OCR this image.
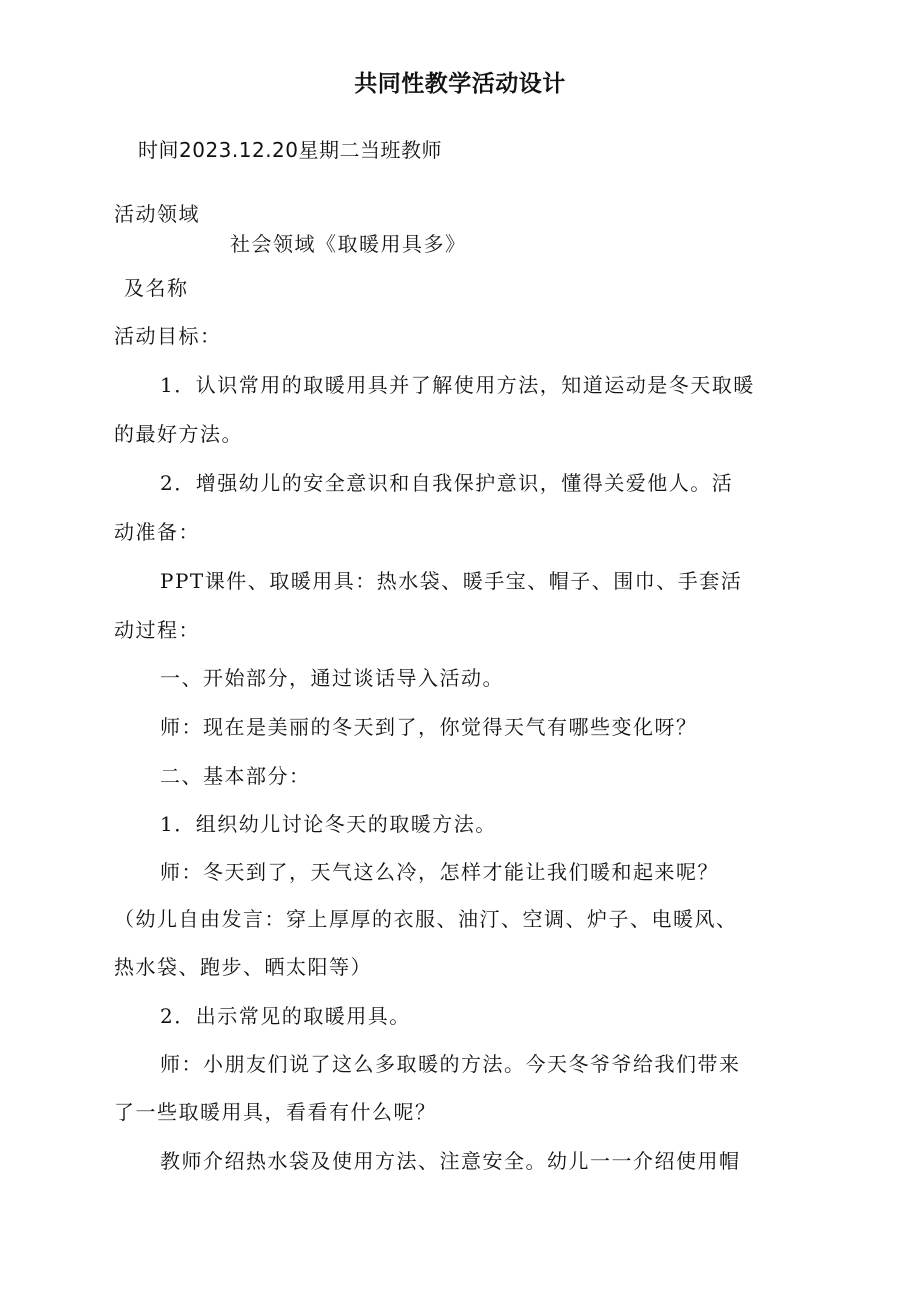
共同性教学活动设计
时间2023.12.20星期二当班教师
活动领域
社会领域《取暖用具多》
及名称
活动目标：
1．认识常用的取暖用具并了解使用方法，知道运动是冬天取暖
的最好方法。
2．增强幼儿的安全意识和自我保护意识，懂得关爱他人。活
动准备：
PPT课件、取暖用具：热水袋、暖手宝、帽子、围巾、手套活
动过程：
一、开始部分，通过谈话导入活动。
师：现在是美丽的冬天到了，你觉得天气有哪些变化呀？
二、基本部分：
1．组织幼儿讨论冬天的取暖方法。
师：冬天到了，天气这么冷，怎样才能让我们暖和起来呢？
（幼儿自由发言：穿上厚厚的衣服、油汀、空调、炉子、电暖风、
热水袋、跑步、晒太阳等）
2．出示常见的取暖用具。
师：小朋友们说了这么多取暖的方法。今天冬爷爷给我们带来
了一些取暖用具，看看有什么呢？
教师介绍热水袋及使用方法、注意安全。幼儿一一介绍使用帽
